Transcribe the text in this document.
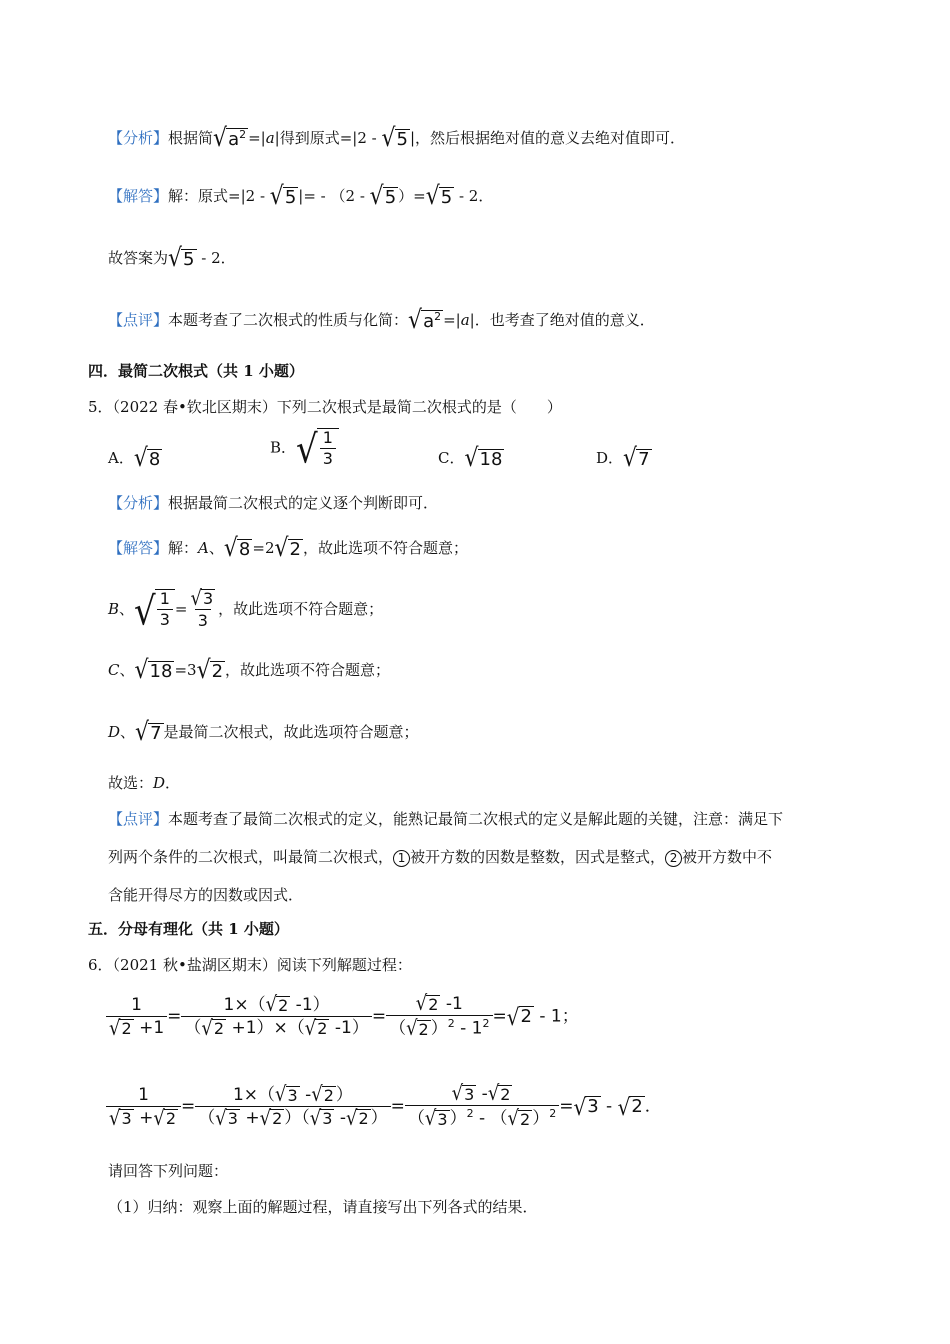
【分析】根据简 √ $a^2 =|a|$得到原式=|2 - √ 5 |，然后根据绝对值的意义去绝对值即可．
【解答】解：原式=|2 - √ 5 |= - （2 - √ 5 ）= √ 5 - 2．
故答案为 √ 5 - 2．
【点评】本题考查了二次根式的性质与化简： √ $a^2 =|a|$．也考查了绝对值的意义．
四．最简二次根式（共 1 小题）
5．（2022 春•钦北区期末）下列二次根式是最简二次根式的是（　　）
A． √ 8
B． √ $\frac{1}{3}$	C． √ 18	D． √ 7
【分析】根据最简二次根式的定义逐个判断即可．
【解答】解：A、 √ 8 =2 √ 2 ，故此选项不符合题意；
B、 √ $\frac{1}{3} = \frac{√ 3}{3}$ ，故此选项不符合题意；
C、 √ 18 =3 √ 2 ，故此选项不符合题意；
D、 √ 7 是最简二次根式，故此选项符合题意；
故选：D．
【点评】本题考查了最简二次根式的定义，能熟记最简二次根式的定义是解此题的关键，注意：满足下
列两个条件的二次根式，叫最简二次根式， 1 被开方数的因数是整数，因式是整式， 2 被开方数中不
含能开得尽方的因数或因式．
五．分母有理化（共 1 小题）
6．（2021 秋•盐湖区期末）阅读下列解题过程：
$\frac{1}{√ 2 +1} = \frac{1\times( √ 2 -1)}{( √ 2 +1)\times( √ 2 -1)} = \frac{√ 2 -1}{( √ 2 )^2 - 1^2}$ = √ 2 - 1；
$\frac{1}{√ 3 + √ 2} = \frac{1\times( √ 3 - √ 2 )}{( √ 3 + √ 2 )( √ 3 - √ 2 )} = \frac{√ 3 - √ 2}{( √ 3 )^2 - ( √ 2 )^2}$ = √ 3 - √ 2 ．
请回答下列问题：
（1）归纳：观察上面的解题过程，请直接写出下列各式的结果．
